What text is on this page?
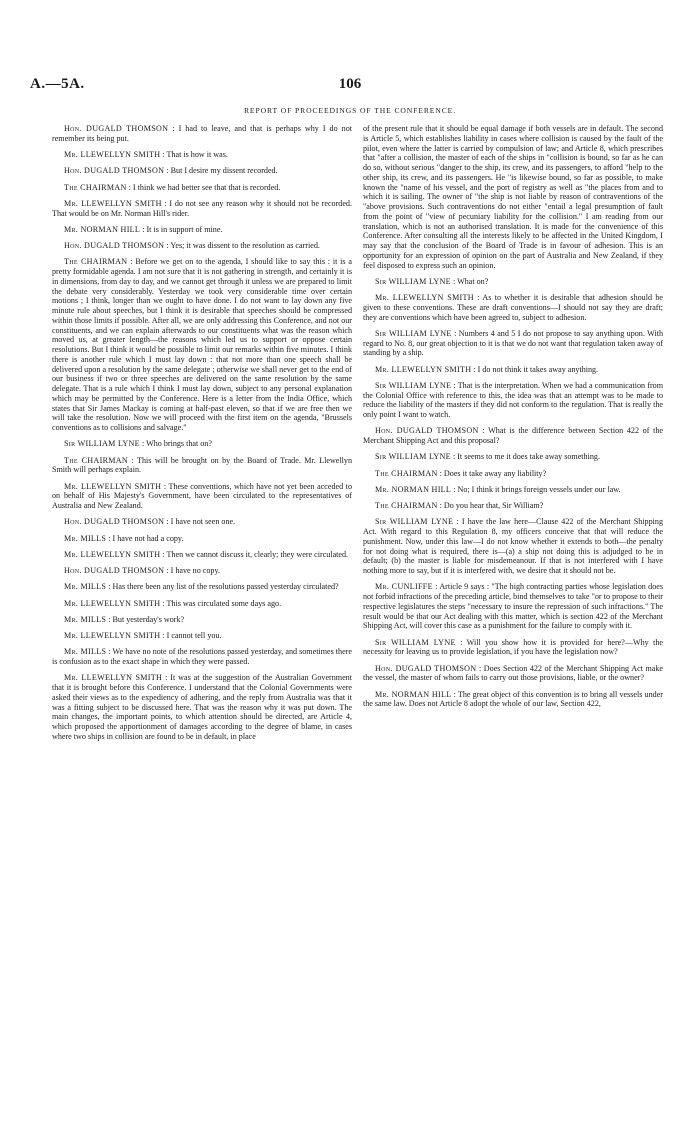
A.—5A.	106
REPORT OF PROCEEDINGS OF THE CONFERENCE.

Hon. DUGALD THOMSON : I had to leave, and that is perhaps why I do not remember its being put.

Mr. LLEWELLYN SMITH : That is how it was.

Hon. DUGALD THOMSON : But I desire my dissent recorded.

The CHAIRMAN : I think we had better see that that is recorded.

Mr. LLEWELLYN SMITH : I do not see any reason why it should not be recorded. That would be on Mr. Norman Hill's rider.

Mr. NORMAN HILL : It is in support of mine.

Hon. DUGALD THOMSON : Yes; it was dissent to the resolution as carried.

The CHAIRMAN : Before we get on to the agenda, I should like to say this : it is a pretty formidable agenda. I am not sure that it is not gathering in strength, and certainly it is in dimensions, from day to day, and we cannot get through it unless we are prepared to limit the debate very considerably. Yesterday we took very considerable time over certain motions ; I think, longer than we ought to have done. I do not want to lay down any five minute rule about speeches, but I think it is desirable that speeches should be compressed within those limits if possible. After all, we are only addressing this Conference, and not our constituents, and we can explain afterwards to our constituents what was the reason which moved us, at greater length—the reasons which led us to support or oppose certain resolutions. But I think it would be possible to limit our remarks within five minutes. I think there is another rule which I must lay down : that not more than one speech shall be delivered upon a resolution by the same delegate ; otherwise we shall never get to the end of our business if two or three speeches are delivered on the same resolution by the same delegate. That is a rule which I think I must lay down, subject to any personal explanation which may be permitted by the Conference. Here is a letter from the India Office, which states that Sir James Mackay is coming at half-past eleven, so that if we are free then we will take the resolution. Now we will proceed with the first item on the agenda, "Brussels conventions as to collisions and salvage."

Sir WILLIAM LYNE : Who brings that on?

The CHAIRMAN : This will be brought on by the Board of Trade. Mr. Llewellyn Smith will perhaps explain.

Mr. LLEWELLYN SMITH : These conventions, which have not yet been acceded to on behalf of His Majesty's Government, have been circulated to the representatives of Australia and New Zealand.

Hon. DUGALD THOMSON : I have not seen one.

Mr. MILLS : I have not had a copy.

Mr. LLEWELLYN SMITH : Then we cannot discuss it, clearly; they were circulated.

Hon. DUGALD THOMSON : I have no copy.

Mr. MILLS : Has there been any list of the resolutions passed yesterday circulated?

Mr. LLEWELLYN SMITH : This was circulated some days ago.

Mr. MILLS : But yesterday's work?

Mr. LLEWELLYN SMITH : I cannot tell you.

Mr. MILLS : We have no note of the resolutions passed yesterday, and sometimes there is confusion as to the exact shape in which they were passed.

Mr. LLEWELLYN SMITH : It was at the suggestion of the Australian Government that it is brought before this Conference. I understand that the Colonial Governments were asked their views as to the expediency of adhering, and the reply from Australia was that it was a fitting subject to be discussed here. That was the reason why it was put down. The main changes, the important points, to which attention should be directed, are Article 4, which proposed the apportionment of damages according to the degree of blame, in cases where two ships in collision are found to be in default, in place

of the present rule that it should be equal damage if both vessels are in default. The second is Article 5, which establishes liability in cases where collision is caused by the fault of the pilot, even where the latter is carried by compulsion of law; and Article 8, which prescribes that "after a collision, the master of each of the ships in "collision is bound, so far as he can do so, without serious "danger to the ship, its crew, and its passengers, to afford "help to the other ship, its crew, and its passengers. He "is likewise bound, so far as possible, to make known the "name of his vessel, and the port of registry as well as "the places from and to which it is sailing. The owner of "the ship is not liable by reason of contraventions of the "above provisions. Such contraventions do not either "entail a legal presumption of fault from the point of "view of pecuniary liability for the collision." I am reading from our translation, which is not an authorised translation. It is made for the convenience of this Conference. After consulting all the interests likely to be affected in the United Kingdom, I may say that the conclusion of the Board of Trade is in favour of adhesion. This is an opportunity for an expression of opinion on the part of Australia and New Zealand, if they feel disposed to express such an opinion.

Sir WILLIAM LYNE : What on?

Mr. LLEWELLYN SMITH : As to whether it is desirable that adhesion should be given to these conventions. These are draft conventions—I should not say they are draft; they are conventions which have been agreed to, subject to adhesion.

Sir WILLIAM LYNE : Numbers 4 and 5 I do not propose to say anything upon. With regard to No. 8, our great objection to it is that we do not want that regulation taken away of standing by a ship.

Mr. LLEWELLYN SMITH : I do not think it takes away anything.

Sir WILLIAM LYNE : That is the interpretation. When we had a communication from the Colonial Office with reference to this, the idea was that an attempt was to be made to reduce the liability of the masters if they did not conform to the regulation. That is really the only point I want to watch.

Hon. DUGALD THOMSON : What is the difference between Section 422 of the Merchant Shipping Act and this proposal?

Sir WILLIAM LYNE : It seems to me it does take away something.

The CHAIRMAN : Does it take away any liability?

Mr. NORMAN HILL : No; I think it brings foreign vessels under our law.

The CHAIRMAN : Do you hear that, Sir William?

Sir WILLIAM LYNE : I have the law here—Clause 422 of the Merchant Shipping Act. With regard to this Regulation 8, my officers conceive that that will reduce the punishment. Now, under this law—I do not know whether it extends to both—the penalty for not doing what is required, there is—(a) a ship not doing this is adjudged to be in default; (b) the master is liable for misdemeanour. If that is not interfered with I have nothing more to say, but if it is interfered with, we desire that it should not be.

Mr. CUNLIFFE : Article 9 says : "The high contracting parties whose legislation does not forbid infractions of the preceding article, bind themselves to take "or to propose to their respective legislatures the steps "necessary to insure the repression of such infractions." The result would be that our Act dealing with this matter, which is section 422 of the Merchant Shipping Act, will cover this case as a punishment for the failure to comply with it.

Sir WILLIAM LYNE : Will you show how it is provided for here?—Why the necessity for leaving us to provide legislation, if you have the legislation now?

Hon. DUGALD THOMSON : Does Section 422 of the Merchant Shipping Act make the vessel, the master of whom fails to carry out those provisions, liable, or the owner?

Mr. NORMAN HILL : The great object of this convention is to bring all vessels under the same law. Does not Article 8 adopt the whole of our law, Section 422,
